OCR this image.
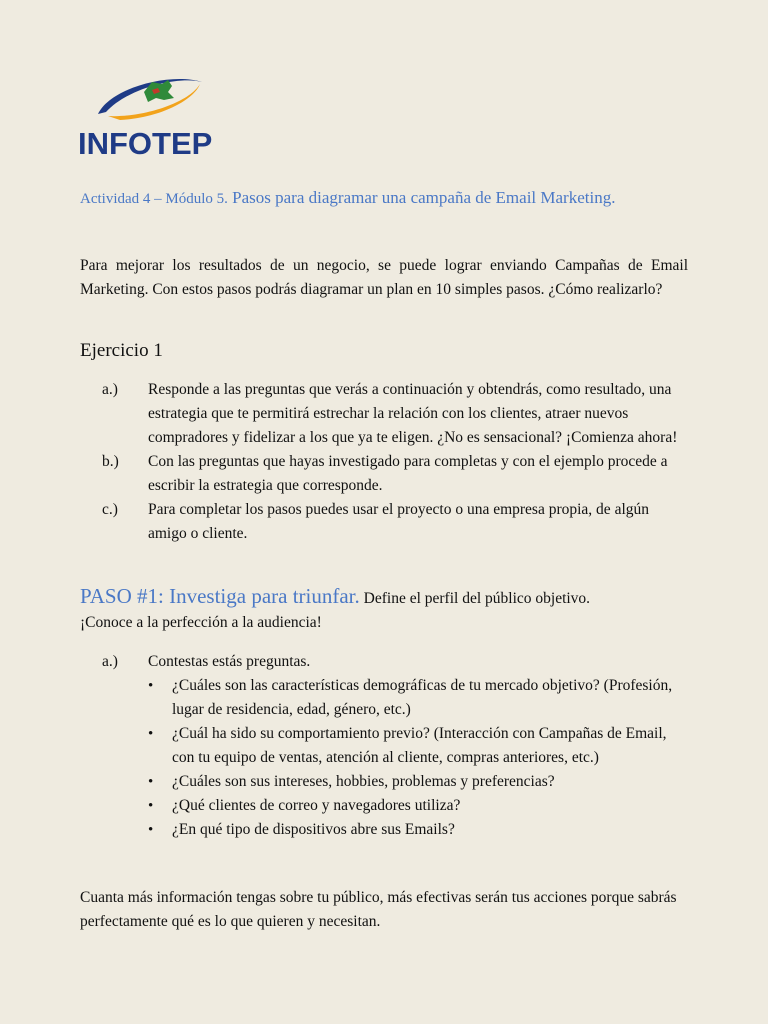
INFOTEP
Actividad 4 – Módulo 5. Pasos para diagramar una campaña de Email Marketing.
Para mejorar los resultados de un negocio, se puede lograr enviando Campañas de Email Marketing. Con estos pasos podrás diagramar un plan en 10 simples pasos. ¿Cómo realizarlo?
Ejercicio 1
a.)	Responde a las preguntas que verás a continuación y obtendrás, como resultado, una estrategia que te permitirá estrechar la relación con los clientes, atraer nuevos compradores y fidelizar a los que ya te eligen. ¿No es sensacional? ¡Comienza ahora!
b.)	Con las preguntas que hayas investigado para completas y con el ejemplo procede a escribir la estrategia que corresponde.
c.)	Para completar los pasos puedes usar el proyecto o una empresa propia, de algún amigo o cliente.
PASO #1: Investiga para triunfar. Define el perfil del público objetivo.
¡Conoce a la perfección a la audiencia!
a.)	Contestas estás preguntas.
•
¿Cuáles son las características demográficas de tu mercado objetivo? (Profesión, lugar de residencia, edad, género, etc.)
•
¿Cuál ha sido su comportamiento previo? (Interacción con Campañas de Email, con tu equipo de ventas, atención al cliente, compras anteriores, etc.)
•
¿Cuáles son sus intereses, hobbies, problemas y preferencias?
•
¿Qué clientes de correo y navegadores utiliza?
•
¿En qué tipo de dispositivos abre sus Emails?
Cuanta más información tengas sobre tu público, más efectivas serán tus acciones porque sabrás perfectamente qué es lo que quieren y necesitan.
